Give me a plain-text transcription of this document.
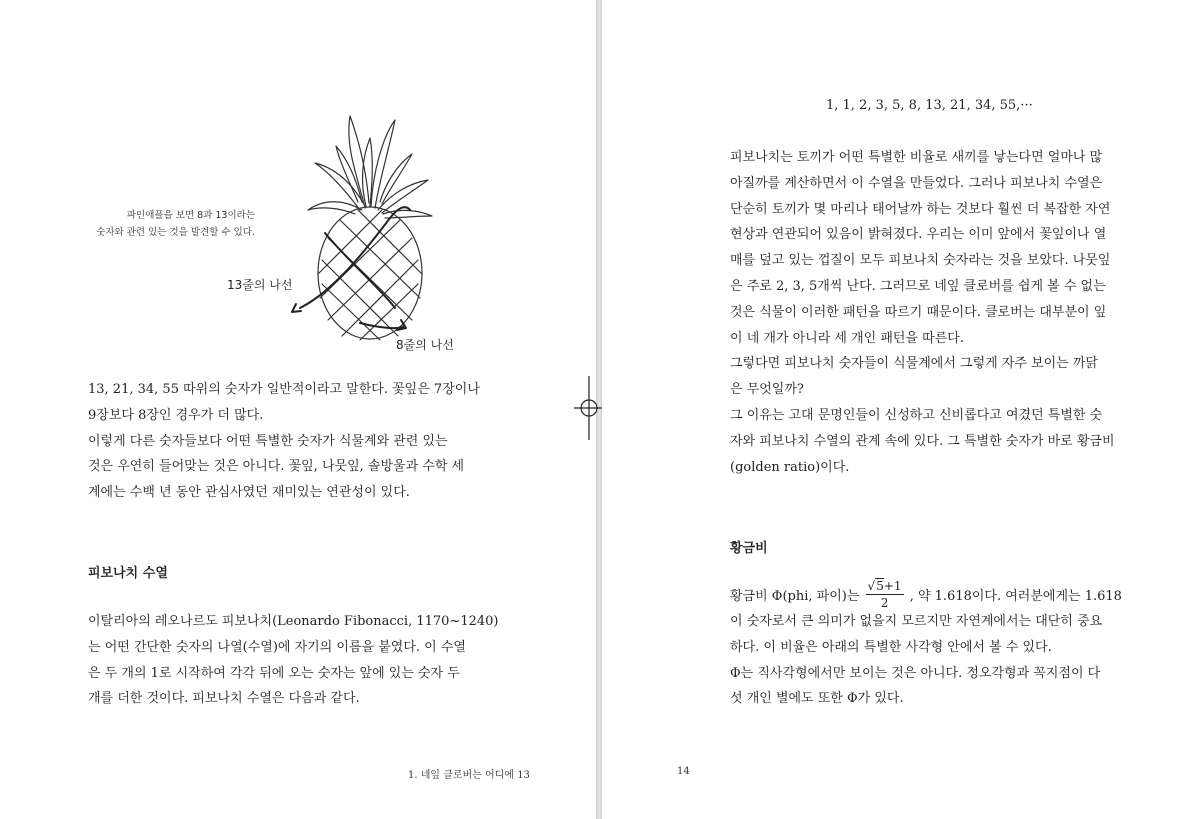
파인애플을 보면 8과 13이라는
숫자와 관련 있는 것을 발견할 수 있다.
13줄의 나선
8줄의 나선
13, 21, 34, 55 따위의 숫자가 일반적이라고 말한다. 꽃잎은 7장이나
9장보다 8장인 경우가 더 많다.
이렇게 다른 숫자들보다 어떤 특별한 숫자가 식물계와 관련 있는
것은 우연히 들어맞는 것은 아니다. 꽃잎, 나뭇잎, 솔방울과 수학 세
계에는 수백 년 동안 관심사였던 재미있는 연관성이 있다.
피보나치 수열
이탈리아의 레오나르도 피보나치(Leonardo Fibonacci, 1170~1240)
는 어떤 간단한 숫자의 나열(수열)에 자기의 이름을 붙였다. 이 수열
은 두 개의 1로 시작하여 각각 뒤에 오는 숫자는 앞에 있는 숫자 두
개를 더한 것이다. 피보나치 수열은 다음과 같다.
1. 네잎 클로버는 어디에 13
1, 1, 2, 3, 5, 8, 13, 21, 34, 55,···
피보나치는 토끼가 어떤 특별한 비율로 새끼를 낳는다면 얼마나 많
아질까를 계산하면서 이 수열을 만들었다. 그러나 피보나치 수열은
단순히 토끼가 몇 마리나 태어날까 하는 것보다 훨씬 더 복잡한 자연
현상과 연관되어 있음이 밝혀졌다. 우리는 이미 앞에서 꽃잎이나 열
매를 덮고 있는 껍질이 모두 피보나치 숫자라는 것을 보았다. 나뭇잎
은 주로 2, 3, 5개씩 난다. 그러므로 네잎 클로버를 쉽게 볼 수 없는
것은 식물이 이러한 패턴을 따르기 때문이다. 클로버는 대부분이 잎
이 네 개가 아니라 세 개인 패턴을 따른다.
그렇다면 피보나치 숫자들이 식물계에서 그렇게 자주 보이는 까닭
은 무엇일까?
그 이유는 고대 문명인들이 신성하고 신비롭다고 여겼던 특별한 숫
자와 피보나치 수열의 관계 속에 있다. 그 특별한 숫자가 바로 황금비
(golden ratio)이다.
황금비
황금비 Φ(phi, 파이)는 $\frac{√5+1}{2}$ , 약 1.618이다. 여러분에게는 1.618
이 숫자로서 큰 의미가 없을지 모르지만 자연계에서는 대단히 중요
하다. 이 비율은 아래의 특별한 사각형 안에서 볼 수 있다.
Φ는 직사각형에서만 보이는 것은 아니다. 정오각형과 꼭지점이 다
섯 개인 별에도 또한 Φ가 있다.
14
